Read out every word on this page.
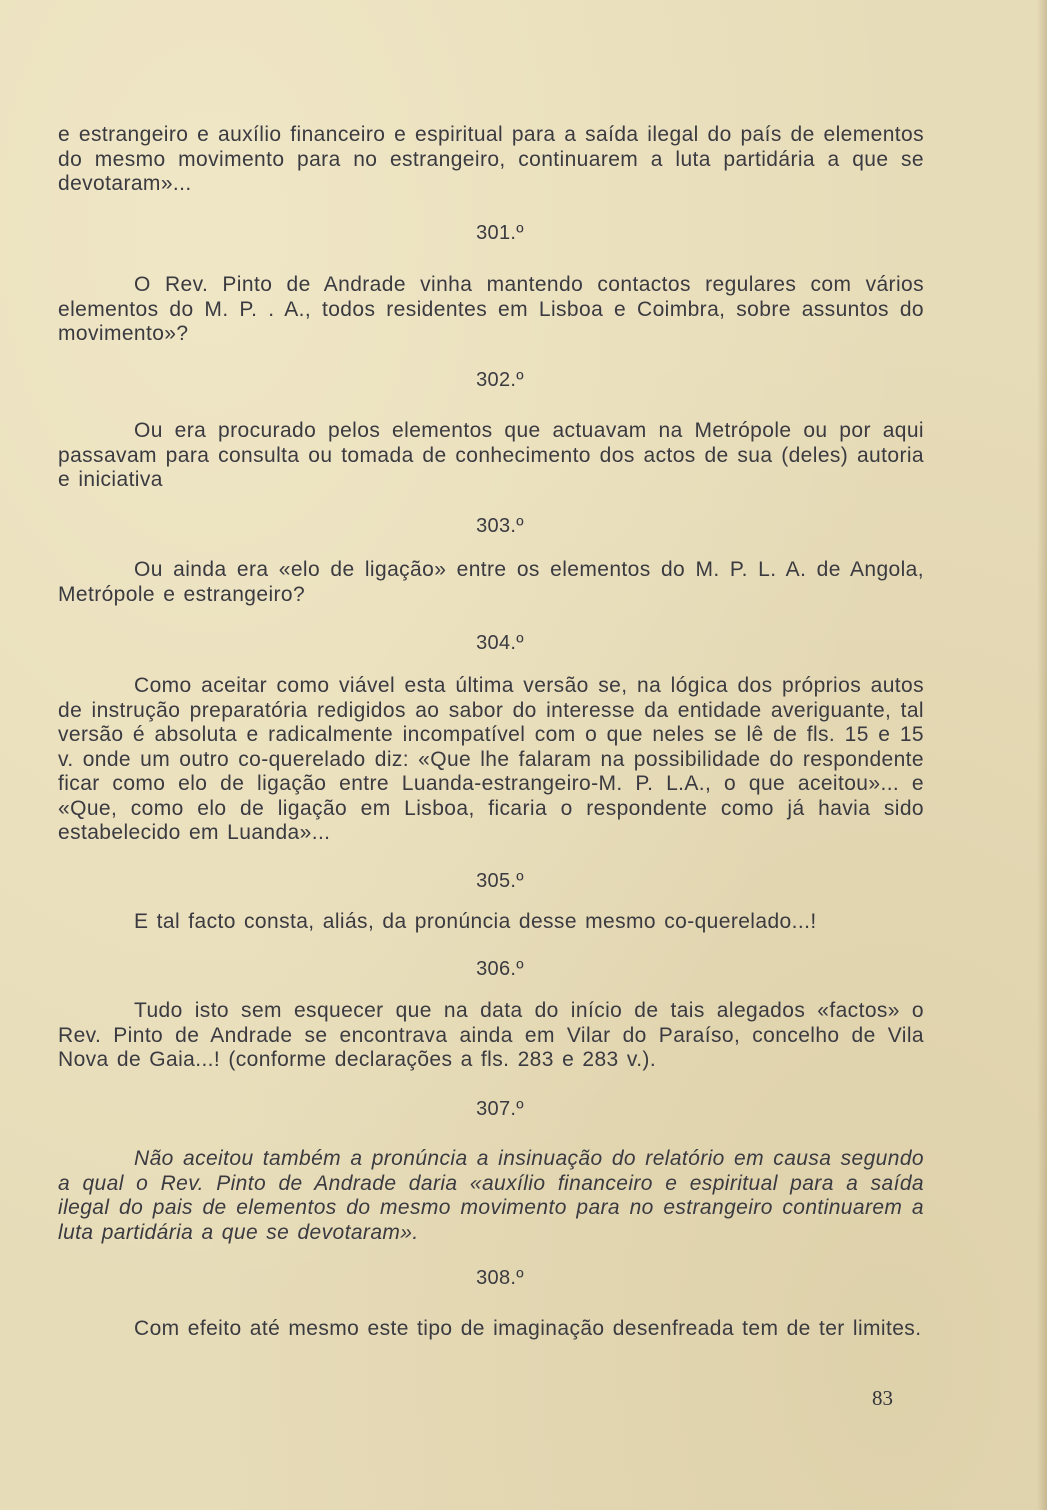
e estrangeiro e auxílio financeiro e espiritual para a saída ilegal do país de elementos do mesmo movimento para no estrangeiro, continuarem a luta partidária a que se devotaram»...

301.º

O Rev. Pinto de Andrade vinha mantendo contactos regulares com vários elementos do M. P. . A., todos residentes em Lisboa e Coimbra, sobre assuntos do movimento»?

302.º

Ou era procurado pelos elementos que actuavam na Metrópole ou por aqui passavam para consulta ou tomada de conhecimento dos actos de sua (deles) autoria e iniciativa

303.º

Ou ainda era «elo de ligação» entre os elementos do M. P. L. A. de Angola, Metrópole e estrangeiro?

304.º

Como aceitar como viável esta última versão se, na lógica dos próprios autos de instrução preparatória redigidos ao sabor do interesse da entidade averiguante, tal versão é absoluta e radicalmente incompatível com o que neles se lê de fls. 15 e 15 v. onde um outro co-querelado diz: «Que lhe falaram na possibilidade do respondente ficar como elo de ligação entre Luanda-estrangeiro-M. P. L.A., o que aceitou»... e «Que, como elo de ligação em Lisboa, ficaria o respondente como já havia sido estabelecido em Luanda»...

305.º

E tal facto consta, aliás, da pronúncia desse mesmo co-querelado...!

306.º

Tudo isto sem esquecer que na data do início de tais alegados «factos» o Rev. Pinto de Andrade se encontrava ainda em Vilar do Paraíso, concelho de Vila Nova de Gaia...! (conforme declarações a fls. 283 e 283 v.).

307.º

Não aceitou também a pronúncia a insinuação do relatório em causa segundo a qual o Rev. Pinto de Andrade daria «auxílio financeiro e espiritual para a saída ilegal do pais de elementos do mesmo movimento para no estrangeiro continuarem a luta partidária a que se devotaram».

308.º

Com efeito até mesmo este tipo de imaginação desenfreada tem de ter limites.

83
